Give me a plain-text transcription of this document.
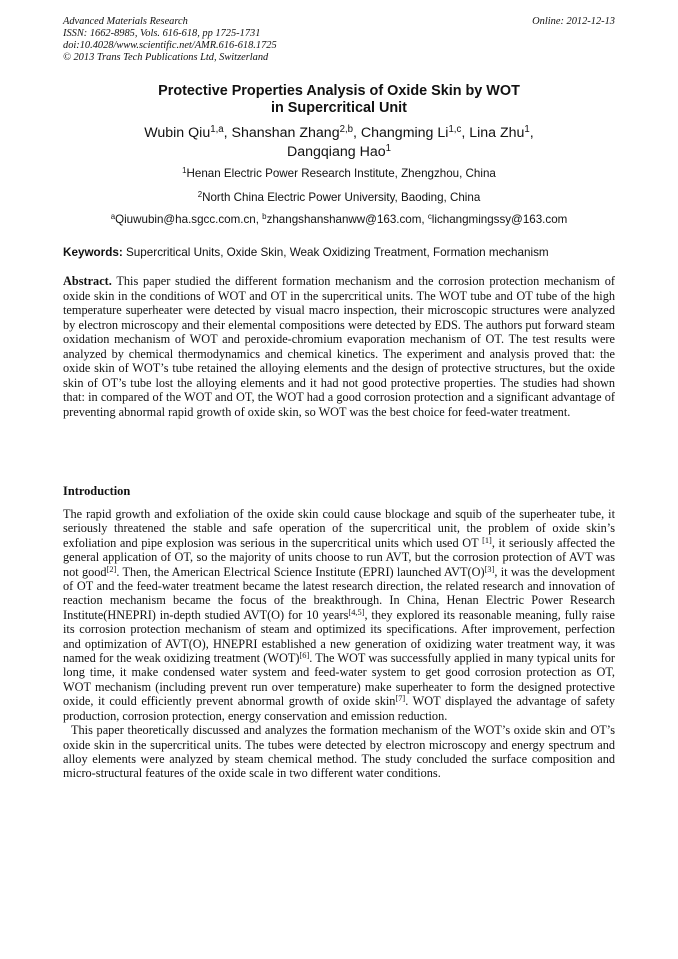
Advanced Materials Research
ISSN: 1662-8985, Vols. 616-618, pp 1725-1731
doi:10.4028/www.scientific.net/AMR.616-618.1725
© 2013 Trans Tech Publications Ltd, Switzerland
Online: 2012-12-13
Protective Properties Analysis of Oxide Skin by WOT
in Supercritical Unit
Wubin Qiu$^{1,a}$, Shanshan Zhang$^{2,b}$, Changming Li$^{1,c}$, Lina Zhu$^1$,
Dangqiang Hao$^1$
$^1$Henan Electric Power Research Institute, Zhengzhou, China
$^2$North China Electric Power University, Baoding, China
$^a$Qiuwubin@ha.sgcc.com.cn, $^b$zhangshanshanww@163.com, $^c$lichangmingssy@163.com
Keywords: Supercritical Units, Oxide Skin, Weak Oxidizing Treatment, Formation mechanism

Abstract. This paper studied the different formation mechanism and the corrosion protection mechanism of oxide skin in the conditions of WOT and OT in the supercritical units. The WOT tube and OT tube of the high temperature superheater were detected by visual macro inspection, their microscopic structures were analyzed by electron microscopy and their elemental compositions were detected by EDS. The authors put forward steam oxidation mechanism of WOT and peroxide-chromium evaporation mechanism of OT. The test results were analyzed by chemical thermodynamics and chemical kinetics. The experiment and analysis proved that: the oxide skin of WOT’s tube retained the alloying elements and the design of protective structures, but the oxide skin of OT’s tube lost the alloying elements and it had not good protective properties. The studies had shown that: in compared of the WOT and OT, the WOT had a good corrosion protection and a significant advantage of preventing abnormal rapid growth of oxide skin, so WOT was the best choice for feed-water treatment.

Introduction

The rapid growth and exfoliation of the oxide skin could cause blockage and squib of the superheater tube, it seriously threatened the stable and safe operation of the supercritical unit, the problem of oxide skin’s exfoliation and pipe explosion was serious in the supercritical units which used OT [1], it seriously affected the general application of OT, so the majority of units choose to run AVT, but the corrosion protection of AVT was not good[2]. Then, the American Electrical Science Institute (EPRI) launched AVT(O)[3], it was the development of OT and the feed-water treatment became the latest research direction, the related research and innovation of reaction mechanism became the focus of the breakthrough. In China, Henan Electric Power Research Institute(HNEPRI) in-depth studied AVT(O) for 10 years[4,5], they explored its reasonable meaning, fully raise its corrosion protection mechanism of steam and optimized its specifications. After improvement, perfection and optimization of AVT(O), HNEPRI established a new generation of oxidizing water treatment way, it was named for the weak oxidizing treatment (WOT)[6]. The WOT was successfully applied in many typical units for long time, it make condensed water system and feed-water system to get good corrosion protection as OT, WOT mechanism (including prevent run over temperature) make superheater to form the designed protective oxide, it could efficiently prevent abnormal growth of oxide skin[7]. WOT displayed the advantage of safety production, corrosion protection, energy conservation and emission reduction.

This paper theoretically discussed and analyzes the formation mechanism of the WOT’s oxide skin and OT’s oxide skin in the supercritical units. The tubes were detected by electron microscopy and energy spectrum and alloy elements were analyzed by steam chemical method. The study concluded the surface composition and micro-structural features of the oxide scale in two different water conditions.
